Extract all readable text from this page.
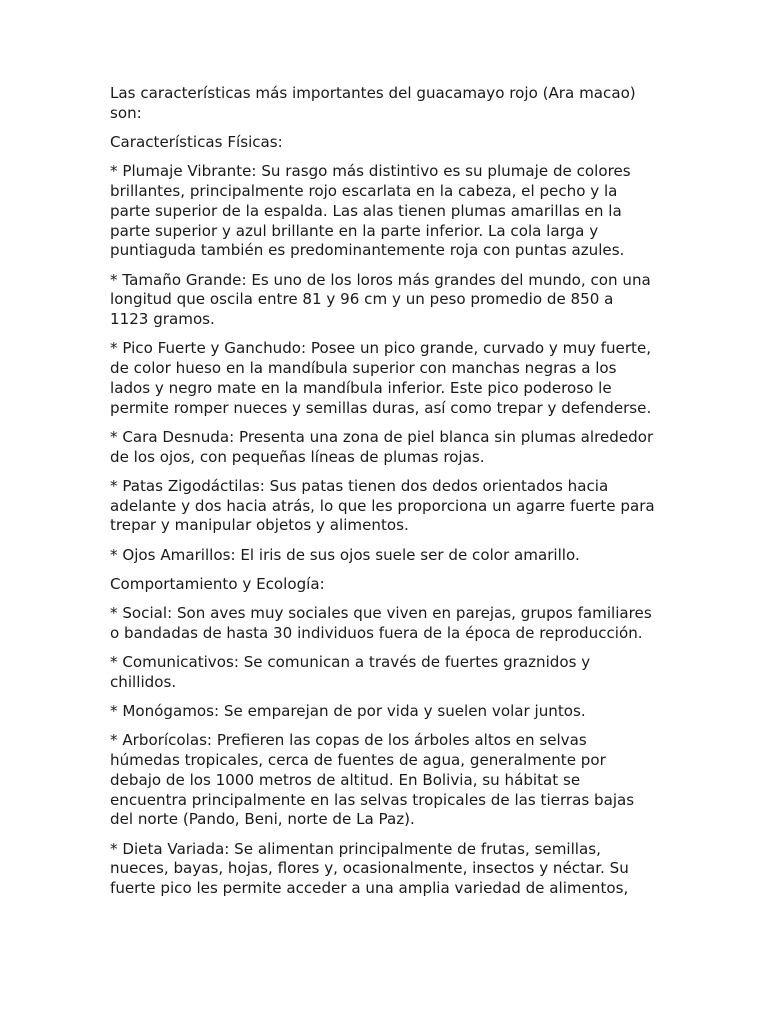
Las características más importantes del guacamayo rojo (Ara macao) son:

Características Físicas:

* Plumaje Vibrante: Su rasgo más distintivo es su plumaje de colores brillantes, principalmente rojo escarlata en la cabeza, el pecho y la parte superior de la espalda. Las alas tienen plumas amarillas en la parte superior y azul brillante en la parte inferior. La cola larga y puntiaguda también es predominantemente roja con puntas azules.

* Tamaño Grande: Es uno de los loros más grandes del mundo, con una longitud que oscila entre 81 y 96 cm y un peso promedio de 850 a 1123 gramos.

* Pico Fuerte y Ganchudo: Posee un pico grande, curvado y muy fuerte, de color hueso en la mandíbula superior con manchas negras a los lados y negro mate en la mandíbula inferior. Este pico poderoso le permite romper nueces y semillas duras, así como trepar y defenderse.

* Cara Desnuda: Presenta una zona de piel blanca sin plumas alrededor de los ojos, con pequeñas líneas de plumas rojas.

* Patas Zigodáctilas: Sus patas tienen dos dedos orientados hacia adelante y dos hacia atrás, lo que les proporciona un agarre fuerte para trepar y manipular objetos y alimentos.

* Ojos Amarillos: El iris de sus ojos suele ser de color amarillo.

Comportamiento y Ecología:

* Social: Son aves muy sociales que viven en parejas, grupos familiares o bandadas de hasta 30 individuos fuera de la época de reproducción.

* Comunicativos: Se comunican a través de fuertes graznidos y chillidos.

* Monógamos: Se emparejan de por vida y suelen volar juntos.

* Arborícolas: Prefieren las copas de los árboles altos en selvas húmedas tropicales, cerca de fuentes de agua, generalmente por debajo de los 1000 metros de altitud. En Bolivia, su hábitat se encuentra principalmente en las selvas tropicales de las tierras bajas del norte (Pando, Beni, norte de La Paz).

* Dieta Variada: Se alimentan principalmente de frutas, semillas, nueces, bayas, hojas, flores y, ocasionalmente, insectos y néctar. Su fuerte pico les permite acceder a una amplia variedad de alimentos,
